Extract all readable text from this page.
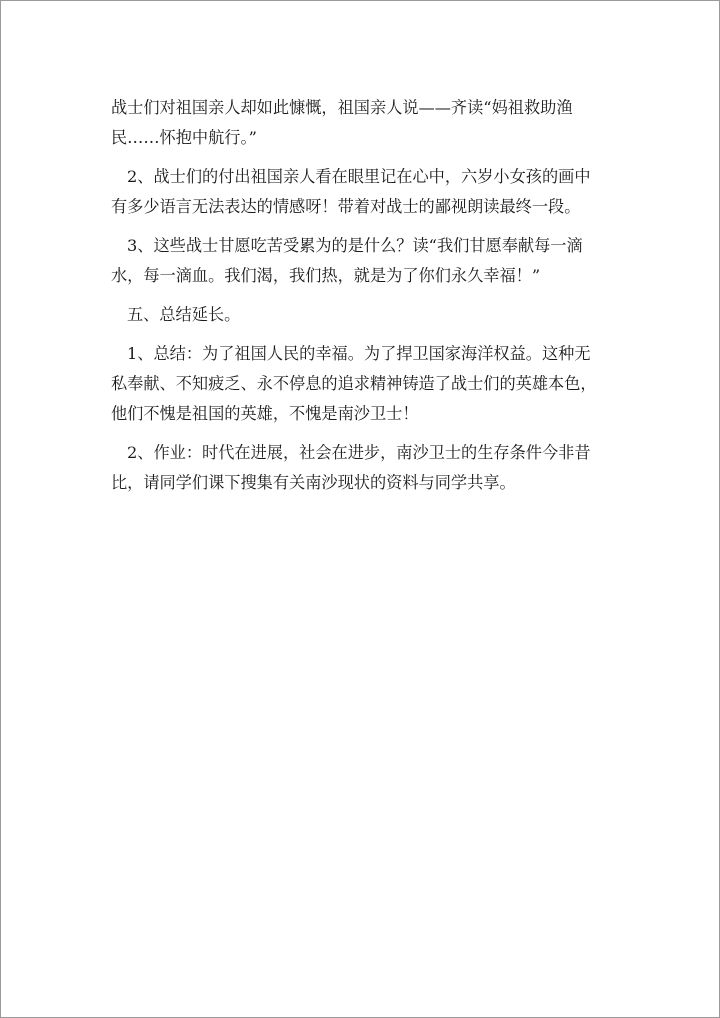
战士们对祖国亲人却如此慷慨，祖国亲人说——齐读“妈祖救助渔
民……怀抱中航行。”

2、战士们的付出祖国亲人看在眼里记在心中，六岁小女孩的画中
有多少语言无法表达的情感呀！带着对战士的鄙视朗读最终一段。

3、这些战士甘愿吃苦受累为的是什么？读“我们甘愿奉献每一滴
水，每一滴血。我们渴，我们热，就是为了你们永久幸福！”

五、总结延长。

1、总结：为了祖国人民的幸福。为了捍卫国家海洋权益。这种无
私奉献、不知疲乏、永不停息的追求精神铸造了战士们的英雄本色，
他们不愧是祖国的英雄，不愧是南沙卫士！

2、作业：时代在进展，社会在进步，南沙卫士的生存条件今非昔
比，请同学们课下搜集有关南沙现状的资料与同学共享。
